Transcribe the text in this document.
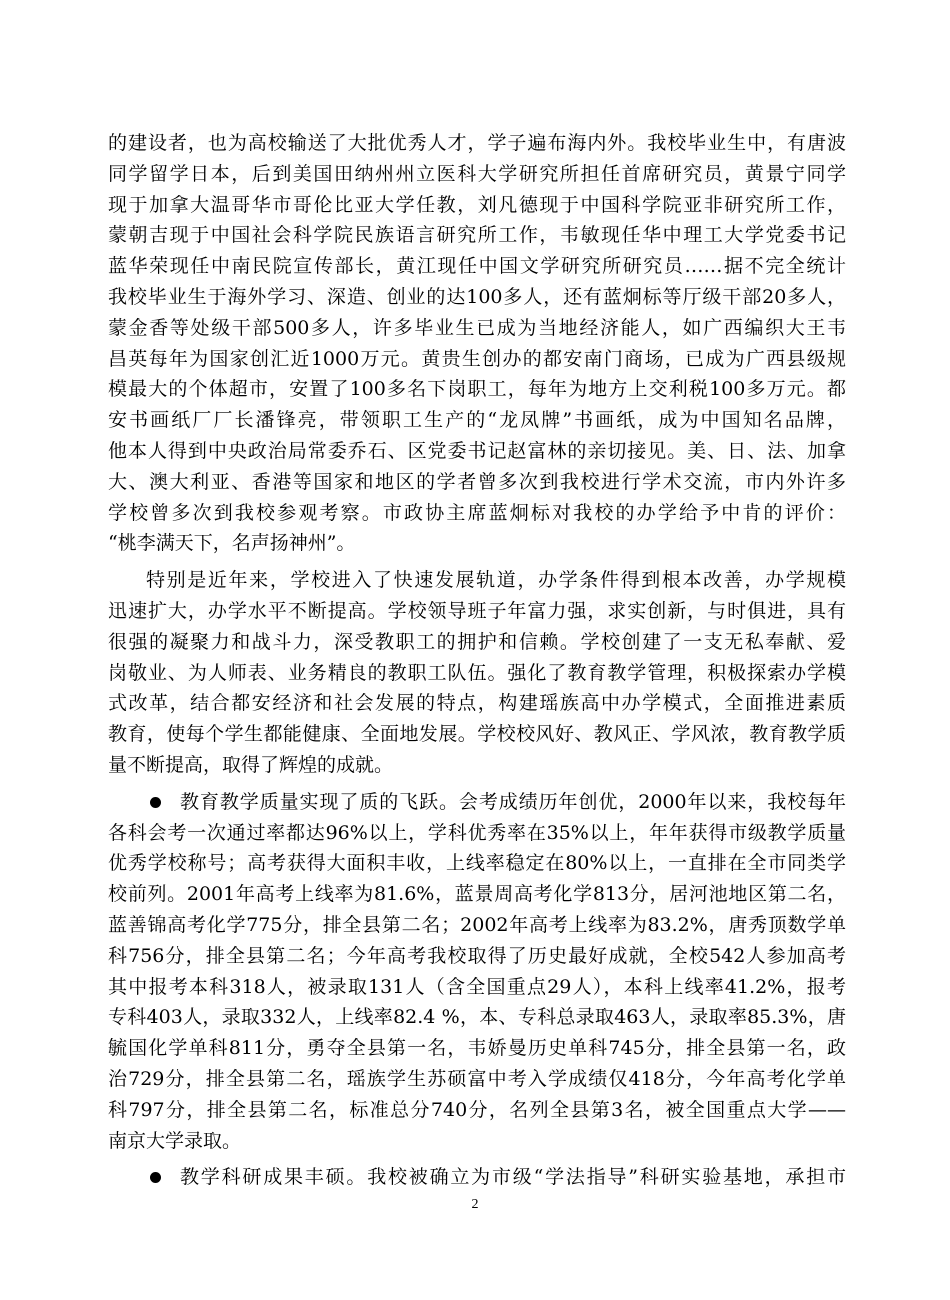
的建设者，也为高校输送了大批优秀人才，学子遍布海内外。我校毕业生中，有唐波
同学留学日本，后到美国田纳州州立医科大学研究所担任首席研究员，黄景宁同学
现于加拿大温哥华市哥伦比亚大学任教，刘凡德现于中国科学院亚非研究所工作，
蒙朝吉现于中国社会科学院民族语言研究所工作，韦敏现任华中理工大学党委书记
蓝华荣现任中南民院宣传部长，黄江现任中国文学研究所研究员……据不完全统计
我校毕业生于海外学习、深造、创业的达100多人，还有蓝炯标等厅级干部20多人，
蒙金香等处级干部500多人，许多毕业生已成为当地经济能人，如广西编织大王韦
昌英每年为国家创汇近1000万元。黄贵生创办的都安南门商场，已成为广西县级规
模最大的个体超市，安置了100多名下岗职工，每年为地方上交利税100多万元。都
安书画纸厂厂长潘锋亮，带领职工生产的“龙凤牌”书画纸，成为中国知名品牌，
他本人得到中央政治局常委乔石、区党委书记赵富林的亲切接见。美、日、法、加拿
大、澳大利亚、香港等国家和地区的学者曾多次到我校进行学术交流，市内外许多
学校曾多次到我校参观考察。市政协主席蓝炯标对我校的办学给予中肯的评价：
“桃李满天下，名声扬神州”。
特别是近年来，学校进入了快速发展轨道，办学条件得到根本改善，办学规模
迅速扩大，办学水平不断提高。学校领导班子年富力强，求实创新，与时俱进，具有
很强的凝聚力和战斗力，深受教职工的拥护和信赖。学校创建了一支无私奉献、爱
岗敬业、为人师表、业务精良的教职工队伍。强化了教育教学管理，积极探索办学模
式改革，结合都安经济和社会发展的特点，构建瑶族高中办学模式，全面推进素质
教育，使每个学生都能健康、全面地发展。学校校风好、教风正、学风浓，教育教学质
量不断提高，取得了辉煌的成就。
教育教学质量实现了质的飞跃。会考成绩历年创优，2000年以来，我校每年
各科会考一次通过率都达96%以上，学科优秀率在35%以上，年年获得市级教学质量
优秀学校称号；高考获得大面积丰收，上线率稳定在80%以上，一直排在全市同类学
校前列。2001年高考上线率为81.6%，蓝景周高考化学813分，居河池地区第二名，
蓝善锦高考化学775分，排全县第二名；2002年高考上线率为83.2%，唐秀顶数学单
科756分，排全县第二名；今年高考我校取得了历史最好成就，全校542人参加高考
其中报考本科318人，被录取131人（含全国重点29人），本科上线率41.2%，报考
专科403人，录取332人，上线率82.4 %，本、专科总录取463人，录取率85.3%，唐
毓国化学单科811分，勇夺全县第一名，韦娇曼历史单科745分，排全县第一名，政
治729分，排全县第二名，瑶族学生苏硕富中考入学成绩仅418分，今年高考化学单
科797分，排全县第二名，标准总分740分，名列全县第3名，被全国重点大学——
南京大学录取。
教学科研成果丰硕。我校被确立为市级“学法指导”科研实验基地，承担市
2
